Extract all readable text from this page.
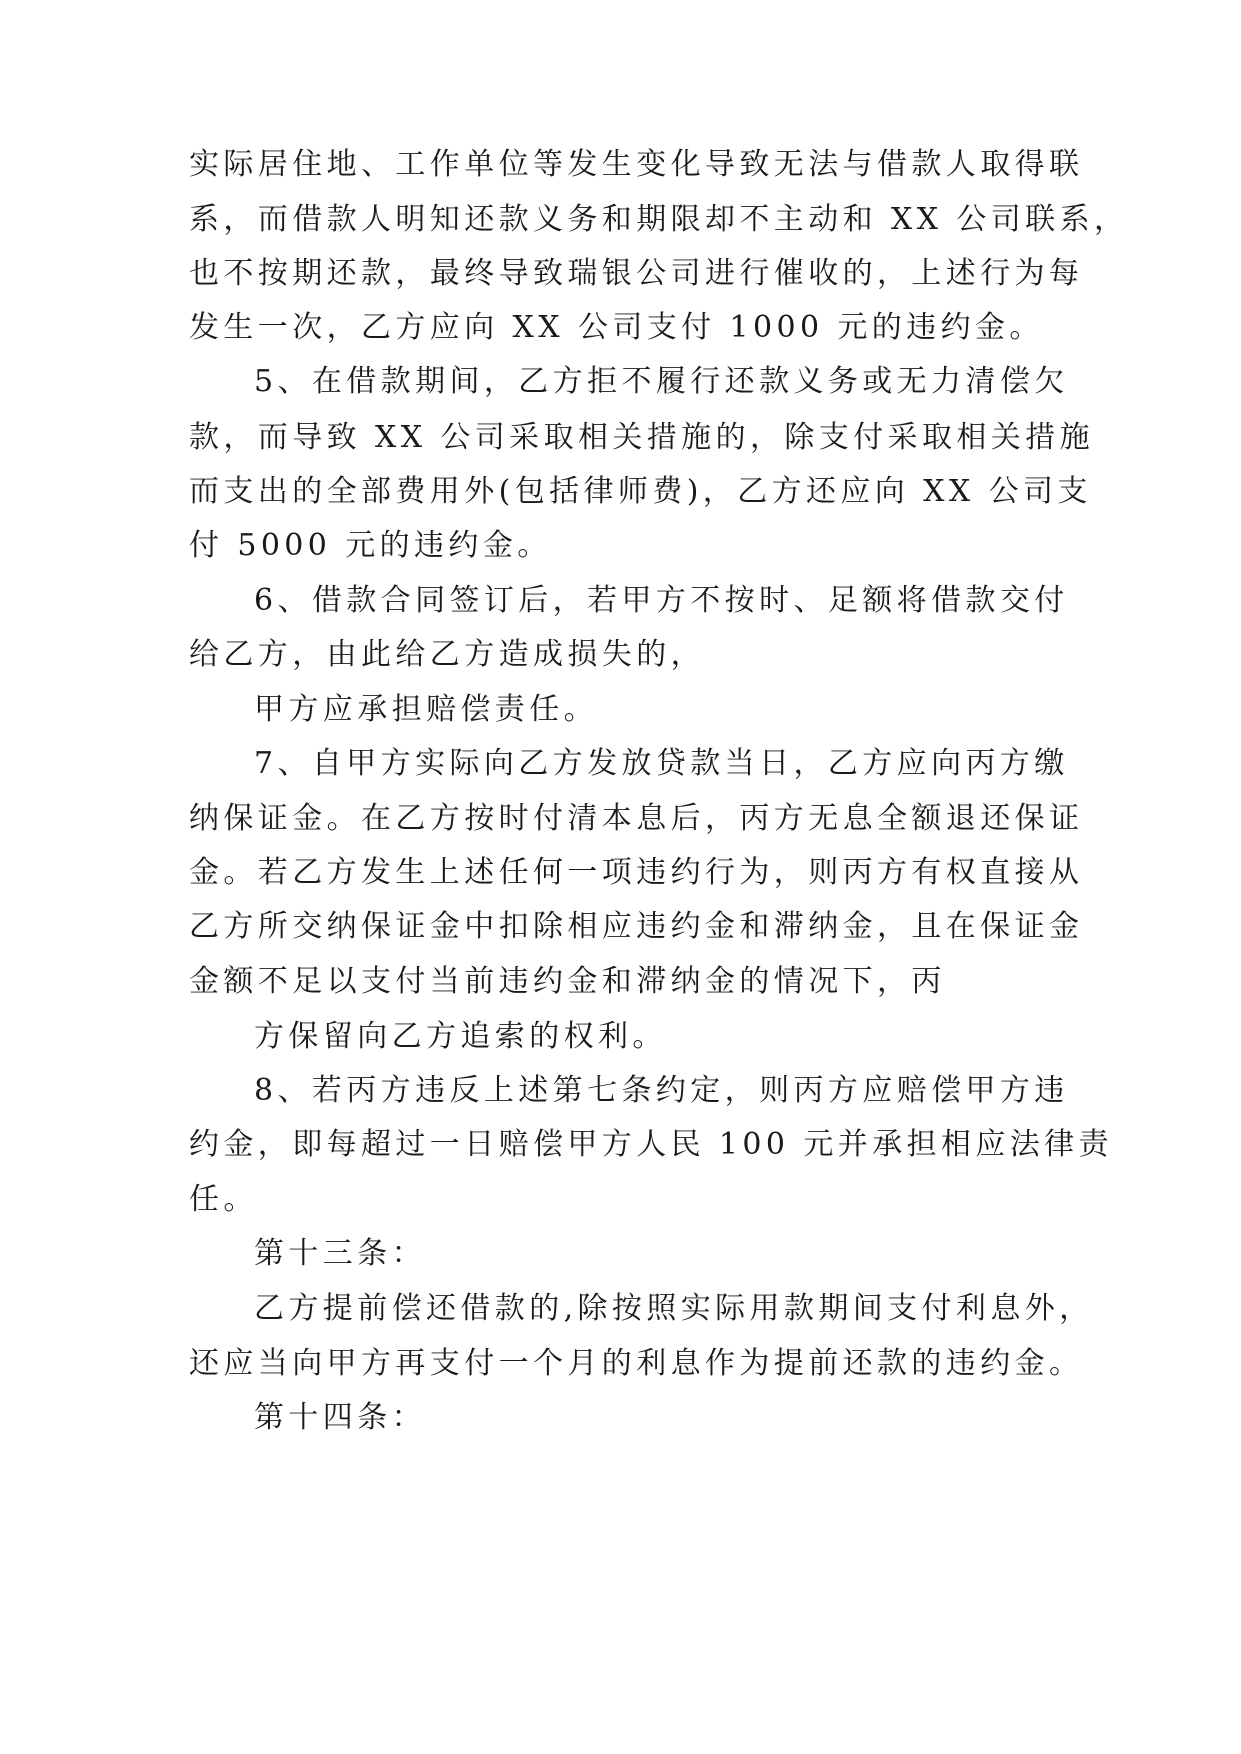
实际居住地、工作单位等发生变化导致无法与借款人取得联

系，而借款人明知还款义务和期限却不主动和 XX 公司联系，

也不按期还款，最终导致瑞银公司进行催收的，上述行为每

发生一次，乙方应向 XX 公司支付 1000 元的违约金。

5、在借款期间，乙方拒不履行还款义务或无力清偿欠

款，而导致 XX 公司采取相关措施的，除支付采取相关措施

而支出的全部费用外(包括律师费)，乙方还应向 XX 公司支

付 5000 元的违约金。

6、借款合同签订后，若甲方不按时、足额将借款交付

给乙方，由此给乙方造成损失的，

甲方应承担赔偿责任。

7、自甲方实际向乙方发放贷款当日，乙方应向丙方缴

纳保证金。在乙方按时付清本息后，丙方无息全额退还保证

金。若乙方发生上述任何一项违约行为，则丙方有权直接从

乙方所交纳保证金中扣除相应违约金和滞纳金，且在保证金

金额不足以支付当前违约金和滞纳金的情况下，丙

方保留向乙方追索的权利。

8、若丙方违反上述第七条约定，则丙方应赔偿甲方违

约金，即每超过一日赔偿甲方人民 100 元并承担相应法律责

任。

第十三条：

乙方提前偿还借款的,除按照实际用款期间支付利息外，

还应当向甲方再支付一个月的利息作为提前还款的违约金。

第十四条：
